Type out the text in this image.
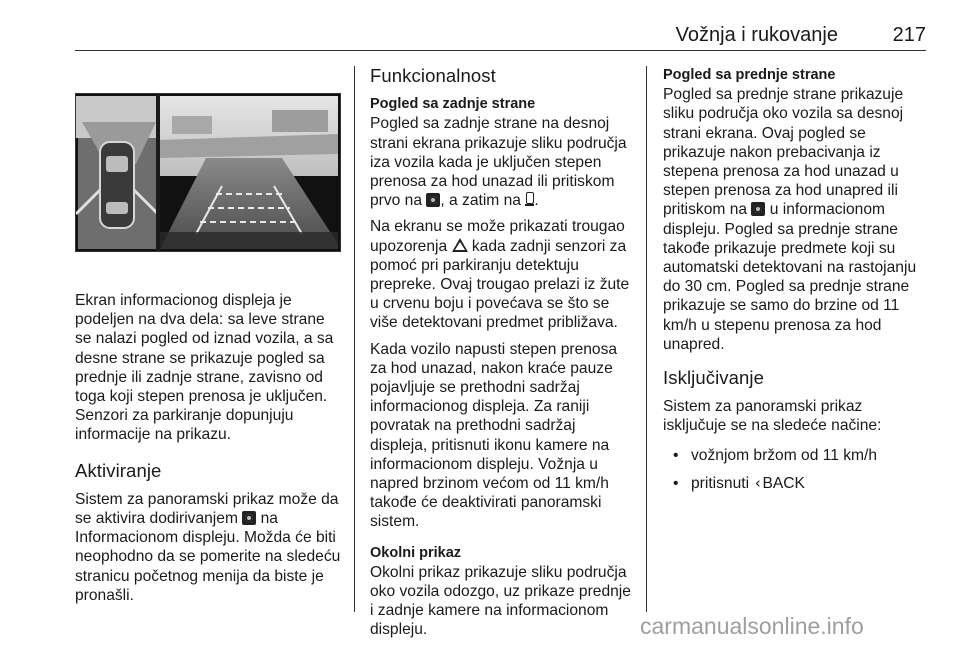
Vožnja i rukovanje	217

Ekran informacionog displeja je podeljen na dva dela: sa leve strane se nalazi pogled od iznad vozila, a sa desne strane se prikazuje pogled sa prednje ili zadnje strane, zavisno od toga koji stepen prenosa je uključen. Senzori za parkiranje dopunjuju informacije na prikazu.

Aktiviranje

Sistem za panoramski prikaz može da se aktivira dodirivanjem na Informacionom displeju. Možda će biti neophodno da se pomerite na sledeću stranicu početnog menija da biste je pronašli.

Funkcionalnost
Pogled sa zadnje strane

Pogled sa zadnje strane na desnoj strani ekrana prikazuje sliku područja iza vozila kada je uključen stepen prenosa za hod unazad ili pritiskom prvo na , a zatim na .

Na ekranu se može prikazati trougao upozorenja kada zadnji senzori za pomoć pri parkiranju detektuju prepreke. Ovaj trougao prelazi iz žute u crvenu boju i povećava se što se više detektovani predmet približava.

Kada vozilo napusti stepen prenosa za hod unazad, nakon kraće pauze pojavljuje se prethodni sadržaj informacionog displeja. Za raniji povratak na prethodni sadržaj displeja, pritisnuti ikonu kamere na informacionom displeju. Vožnja u napred brzinom većom od 11 km/h takođe će deaktivirati panoramski sistem.

Okolni prikaz

Okolni prikaz prikazuje sliku područja oko vozila odozgo, uz prikaze prednje i zadnje kamere na informacionom displeju.

Pogled sa prednje strane

Pogled sa prednje strane prikazuje sliku područja oko vozila sa desnoj strani ekrana. Ovaj pogled se prikazuje nakon prebacivanja iz stepena prenosa za hod unazad u stepen prenosa za hod unapred ili pritiskom na u informacionom displeju. Pogled sa prednje strane takođe prikazuje predmete koji su automatski detektovani na rastojanju do 30 cm. Pogled sa prednje strane prikazuje se samo do brzine od 11 km/h u stepenu prenosa za hod unapred.

Isključivanje

Sistem za panoramski prikaz isključuje se na sledeće načine:

• vožnjom bržom od 11 km/h
• pritisnuti ‹BACK
carmanualsonline.info
